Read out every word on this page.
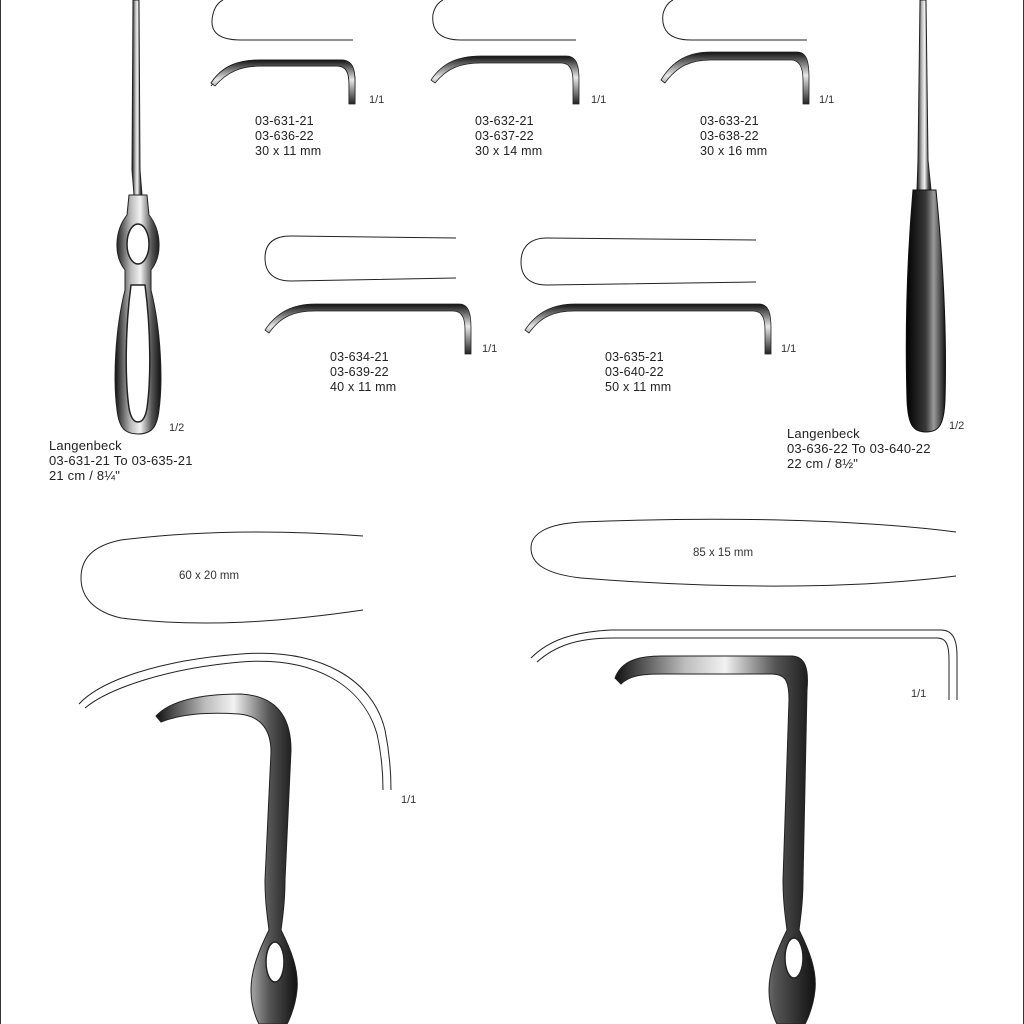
03-631-21
03-636-22
30 x 11 mm
1/1
03-632-21
03-637-22
30 x 14 mm
1/1
03-633-21
03-638-22
30 x 16 mm
1/1
03-634-21
03-639-22
40 x 11 mm
1/1
03-635-21
03-640-22
50 x 11 mm
1/1
1/2
Langenbeck
03-631-21 To 03-635-21
21 cm / 8¼"
1/2
Langenbeck
03-636-22 To 03-640-22
22 cm / 8½"
60 x 20 mm
1/1
85 x 15 mm
1/1
